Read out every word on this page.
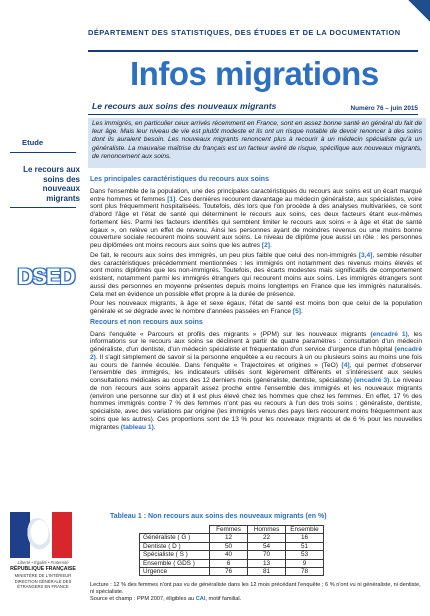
DÉPARTEMENT DES STATISTIQUES, DES ÉTUDES ET DE LA DOCUMENTATION
Infos migrations
Le recours aux soins des nouveaux migrants	Numéro 76 – juin 2015
Etude
Le recours aux soins des nouveaux migrants
DSED
Liberté • Égalité • Fraternité
RÉPUBLIQUE FRANÇAISE
MINISTÈRE DE L'INTÉRIEUR
DIRECTION GÉNÉRALE DES ÉTRANGERS EN FRANCE
Les immigrés, en particulier ceux arrivés récemment en France, sont en assez bonne santé en général du fait de leur âge. Mais leur niveau de vie est plutôt modeste et ils ont un risque notable de devoir renoncer à des soins dont ils auraient besoin. Les nouveaux migrants renoncent plus à recourir à un médecin spécialiste qu'à un généraliste. La mauvaise maîtrise du français est un facteur avéré de risque, spécifique aux nouveaux migrants, de renoncement aux soins.
Les principales caractéristiques du recours aux soins

Dans l'ensemble de la population, une des principales caractéristiques du recours aux soins est un écart marqué entre hommes et femmes [1]. Ces dernières recourent davantage au médecin généraliste, aux spécialistes, voire sont plus fréquemment hospitalisées. Toutefois, dès lors que l'on procède à des analyses multivariées, ce sont d'abord l'âge et l'état de santé qui déterminent le recours aux soins, ces deux facteurs étant eux-mêmes fortement liés. Parmi les facteurs identifiés qui semblent limiter le recours aux soins « à âge et état de santé égaux », on relève un effet de revenu. Ainsi les personnes ayant de moindres revenus ou une moins bonne couverture sociale recourent moins souvent aux soins. Le niveau de diplôme joue aussi un rôle : les personnes peu diplômées ont moins recours aux soins que les autres [2].

De fait, le recours aux soins des immigrés, un peu plus faible que celui des non-immigrés [3,4], semble résulter des caractéristiques précédemment mentionnées : les immigrés ont notamment des revenus moins élevés et sont moins diplômés que les non-immigrés. Toutefois, des écarts modestes mais significatifs de comportement existent, notamment parmi les immigrés étrangers qui recourent moins aux soins. Les immigrés étrangers sont aussi des personnes en moyenne présentes depuis moins longtemps en France que les immigrés naturalisés. Cela met en évidence un possible effet propre à la durée de présence.

Pour les nouveaux migrants, à âge et sexe égaux, l'état de santé est moins bon que celui de la population générale et se dégrade avec le nombre d'années passées en France [5].

Recours et non recours aux soins

Dans l'enquête « Parcours et profils des migrants » (PPM) sur les nouveaux migrants (encadré 1), les informations sur le recours aux soins se déclinent à partir de quatre paramètres : consultation d'un médecin généraliste, d'un dentiste, d'un médecin spécialiste et fréquentation d'un service d'urgence d'un hôpital (encadré 2). Il s'agit simplement de savoir si la personne enquêtée a eu recours à un ou plusieurs soins au moins une fois au cours de l'année écoulée. Dans l'enquête « Trajectoires et origines » (TeO) [4], qui permet d'observer l'ensemble des immigrés, les indicateurs utilisés sont légèrement différents et s'intéressent aux seules consultations médicales au cours des 12 derniers mois (généraliste, dentiste, spécialiste) (encadré 3). Le niveau de non recours aux soins apparaît assez proche entre l'ensemble des immigrés et les nouveaux migrants (environ une personne sur dix) et il est plus élevé chez les hommes que chez les femmes. En effet, 17 % des hommes immigrés contre 7 % des femmes n'ont pas eu recours à l'un des trois soins : généraliste, dentiste, spécialiste, avec des variations par origine (les immigrés venus des pays tiers recourent moins fréquemment aux soins que les autres). Ces proportions sont de 13 % pour les nouveaux migrants et de 6 % pour les nouvelles migrantes (tableau 1).

Tableau 1 : Non recours aux soins des nouveaux migrants (en %)
	Femmes	Hommes	Ensemble
Généraliste ( G )	12	22	16
Dentiste ( D )	50	54	51
Spécialiste ( S )	40	70	53
Ensemble ( GDS )	6	13	9
Urgence	76	81	78
Lecture : 12 % des femmes n'ont pas vu de généraliste dans les 12 mois précédant l'enquête ; 6 % n'ont vu ni généraliste, ni dentiste, ni spécialiste.
Source et champ : PPM 2007, éligibles au CAI, motif familial.
